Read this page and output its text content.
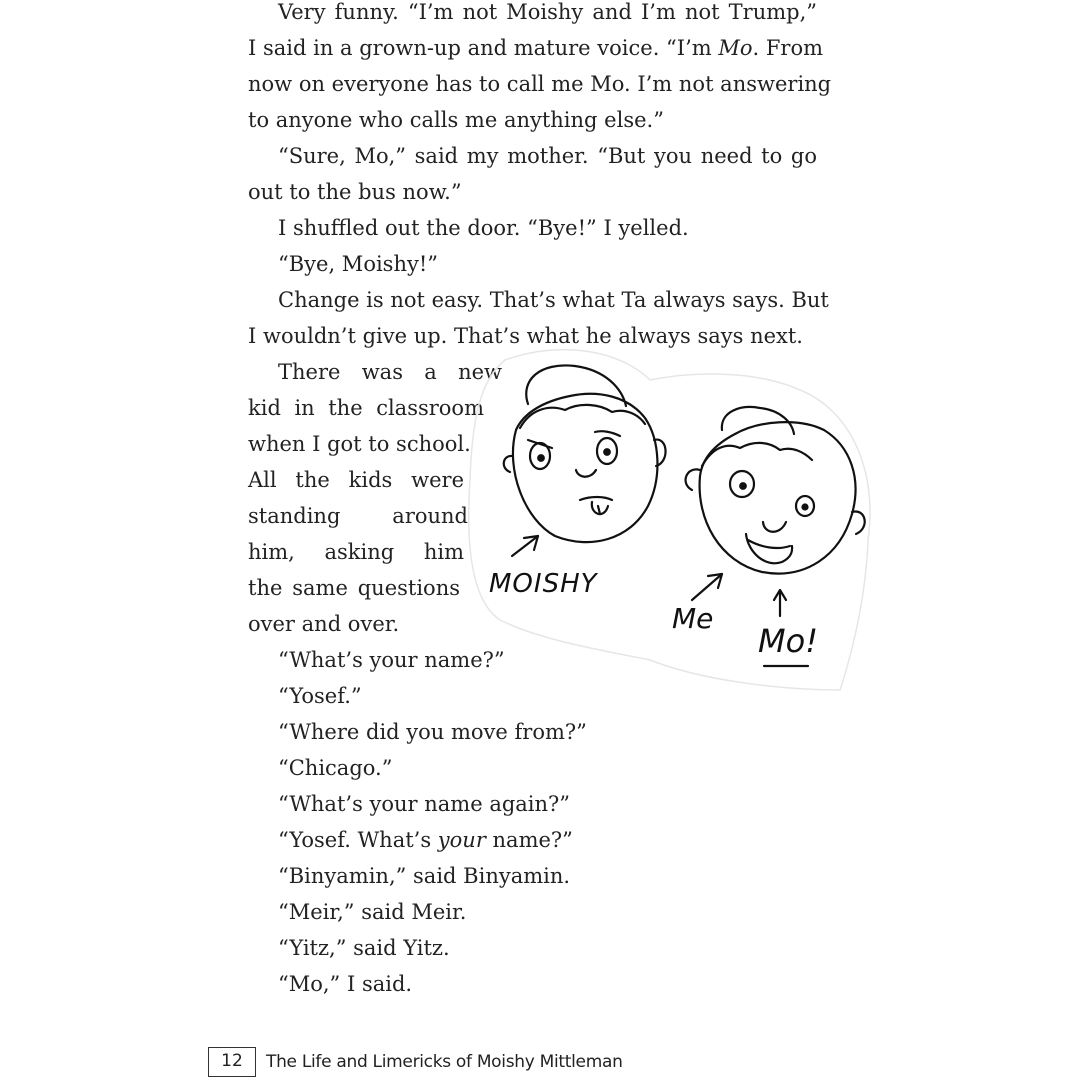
Very funny. “I’m not Moishy and I’m not Trump,”
I said in a grown-up and mature voice. “I’m Mo. From
now on everyone has to call me Mo. I’m not answering
to anyone who calls me anything else.”
“Sure, Mo,” said my mother. “But you need to go
out to the bus now.”
I shuffled out the door. “Bye!” I yelled.
“Bye, Moishy!”
Change is not easy. That’s what Ta always says. But
I wouldn’t give up. That’s what he always says next.
There was a new
kid in the classroom
when I got to school.
All the kids were
standing around
him, asking him
the same questions
over and over.
“What’s your name?”
“Yosef.”
“Where did you move from?”
“Chicago.”
“What’s your name again?”
“Yosef. What’s your name?”
“Binyamin,” said Binyamin.
“Meir,” said Meir.
“Yitz,” said Yitz.
“Mo,” I said.
MOISHY
Me
Mo!
12	The Life and Limericks of Moishy Mittleman
